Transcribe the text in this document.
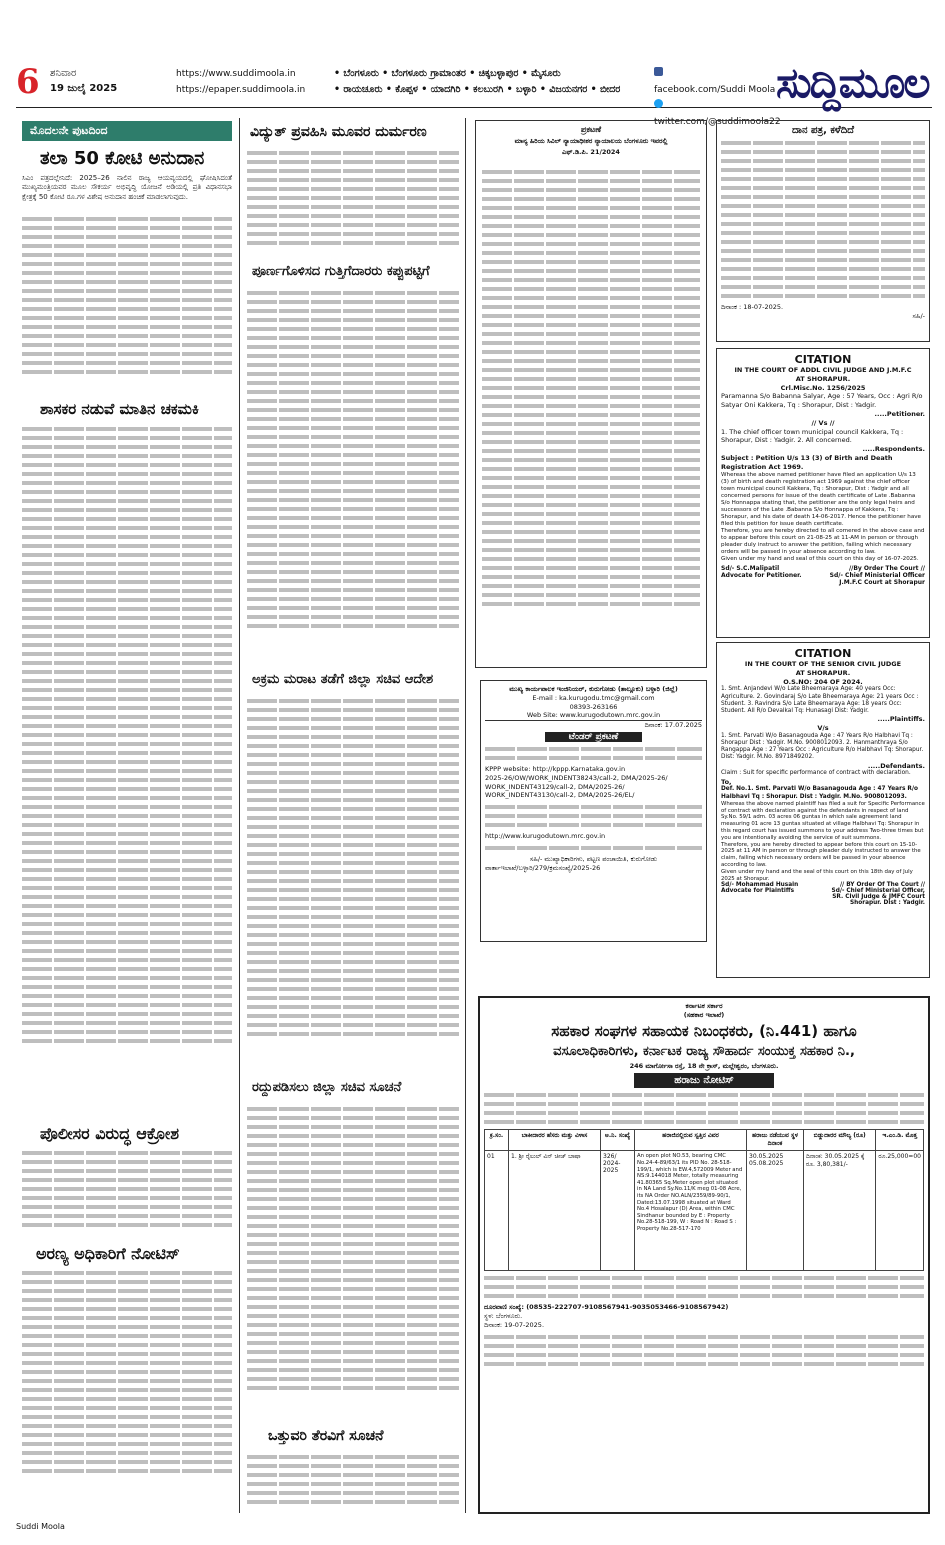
6 ಶನಿವಾರ
19 ಜುಲೈ 2025
https://www.suddimoola.in
https://epaper.suddimoola.in
• ಬೆಂಗಳೂರು • ಬೆಂಗಳೂರು ಗ್ರಾಮಾಂತರ • ಚಿಕ್ಕಬಳ್ಳಾಪುರ • ಮೈಸೂರು
• ರಾಯಚೂರು • ಕೊಪ್ಪಳ • ಯಾದಗಿರಿ • ಕಲಬುರಗಿ • ಬಳ್ಳಾರಿ • ವಿಜಯನಗರ • ಬೀದರ	facebook.com/Suddi Moola
twitter.com/@suddimoola22
ಸುದ್ದಿಮೂಲ
ಮೊದಲನೇ ಪುಟದಿಂದ
ತಲಾ 50 ಕೋಟಿ ಅನುದಾನ
ಸಿಎಂ ಪತ್ರದಲ್ಲೇನಿದೆ: 2025–26 ನಾಲಿನ ರಾಜ್ಯ ಆಯವ್ಯಯದಲ್ಲಿ ಘೋಷಿಸಿದಂತೆ ಮುಖ್ಯಮಂತ್ರಿಯವರ ಮೂಲ ಸೌಕರ್ಯ ಅಭಿವೃದ್ಧಿ ಯೋಜನೆ ಅಡಿಯಲ್ಲಿ ಪ್ರತಿ ವಿಧಾನಸಭಾ ಕ್ಷೇತ್ರಕ್ಕೆ 50 ಕೋಟಿ ರೂ.ಗಳ ವಿಶೇಷ ಅನುದಾನ ಹಂಚಿಕೆ ಮಾಡಲಾಗುವುದು.
ಶಾಸಕರ ನಡುವೆ ಮಾತಿನ ಚಕಮಕಿ
ಪೊಲೀಸರ ವಿರುದ್ಧ ಆಕ್ರೋಶ
ಅರಣ್ಯ ಅಧಿಕಾರಿಗೆ ನೋಟಿಸ್
ವಿದ್ಯುತ್ ಪ್ರವಹಿಸಿ ಮೂವರ ದುರ್ಮರಣ
ಪೂರ್ಣಗೊಳಿಸದ ಗುತ್ತಿಗೆದಾರರು ಕಪ್ಪುಪಟ್ಟಿಗೆ
ಅಕ್ರಮ ಮರಾಟ ತಡೆಗೆ ಜಿಲ್ಲಾ ಸಚಿವ ಆದೇಶ
ರದ್ದುಪಡಿಸಲು ಜಿಲ್ಲಾ ಸಚಿವ ಸೂಚನೆ
ಒತ್ತುವರಿ ತೆರವಿಗೆ ಸೂಚನೆ
ಪ್ರಕಟಣೆ
ಮಾನ್ಯ ಹಿರಿಯ ಸಿವಿಲ್ ನ್ಯಾಯಾಧೀಶರ ನ್ಯಾಯಾಲಯ ಬೆಂಗಳೂರು ಇವರಲ್ಲಿ
ಎಫ್.ಡಿ.ಪಿ. 21/2024
ಮುಖ್ಯ ಕಾರ್ಯಪಾಲಕ ಇಂಜಿನಿಯರ್, ಕುರುಗೋಡು (ತಾಲ್ಲೂಕು) ಬಳ್ಳಾರಿ (ಜಿಲ್ಲೆ)
E-mail : ka.kurugodu.tmc@gmail.com
08393-263166
Web Site: www.kurugodutown.mrc.gov.in
ದಿನಾಂಕ: 17.07.2025
ಟೆಂಡರ್ ಪ್ರಕಟಣೆ
KPPP website: http://kppp.Karnataka.gov.in
2025-26/OW/WORK_INDENT38243/call-2, DMA/2025-26/
WORK_INDENT43129/call-2, DMA/2025-26/
WORK_INDENT43130/call-2, DMA/2025-26/EL/
http://www.kurugodutown.mrc.gov.in
ಸಹಿ/- ಮುಖ್ಯಾಧಿಕಾರಿಗಳು, ಪಟ್ಟಣ ಪಂಚಾಯಿತಿ, ಕುರುಗೋಡು
ವಾರ್ತಾಇಲಾಖೆ/ಬಳ್ಳಾರಿ/279/ಕ್ರಮಸಂಖ್ಯೆ/2025-26
ದಾನ ಪತ್ರ, ಕಳೆದಿದೆ
ದಿನಾಂಕ : 18-07-2025.
ಸಹಿ/-
CITATION
IN THE COURT OF ADDL CIVIL JUDGE AND J.M.F.C
AT SHORAPUR.
Crl.Misc.No. 1256/2025
Paramanna S/o Babanna Salyar, Age : 57 Years, Occ : Agri R/o Satyar Oni Kakkera, Tq : Shorapur, Dist : Yadgir.
.....Petitioner.
// Vs //
1. The chief officer town municipal council Kakkera, Tq : Shorapur, Dist : Yadgir. 2. All concerned.
.....Respondents.
Subject : Petition U/s 13 (3) of Birth and Death Registration Act 1969.
Whereas the above named petitioner have filed an application U/s 13 (3) of birth and death registration act 1969 against the chief officer town municipal council Kakkera, Tq : Shorapur, Dist : Yadgir and all concerned persons for issue of the death certificate of Late .Babanna S/o Honnappa stating that, the petitioner are the only legal heirs and successors of the Late .Babanna S/o Honnappa of Kakkera, Tq : Shorapur, and his date of death 14-06-2017. Hence the petitioner have filed this petition for issue death certificate.
Therefore, you are hereby directed to all comered in the above case and to appear before this court on 21-08-25 at 11-AM in person or through pleader duly instruct to answer the petition, failing which necessary orders will be passed in your absence according to law.
Given under my hand and seal of this court on this day of 16-07-2025.
Sd/- S.C.Malipatil
Advocate for Petitioner.
//By Order The Court //
Sd/- Chief Ministerial Officer
J.M.F.C Court at Shorapur
CITATION
IN THE COURT OF THE SENIOR CIVIL JUDGE
AT SHORAPUR.
O.S.NO: 204 OF 2024.
1. Smt. Anjandevi W/o Late Bheemaraya Age: 40 years Occ: Agriculture. 2. Govindaraj S/o Late Bheemaraya Age: 21 years Occ : Student. 3. Ravindra S/o Late Bheemaraya Age: 18 years Occ: Student. All R/o Devalkal Tq: Hunasagi Dist: Yadgir.
.....Plaintiffs.
V/s
1. Smt. Parvati W/o Basanagouda Age : 47 Years R/o Halbhavi Tq : Shorapur Dist : Yadgir. M.No. 9008012093. 2. Hanmanthraya S/o Rangappa Age : 27 Years Occ : Agriculture R/o Halbhavi Tq: Shorapur. Dist: Yadgir. M.No. 8971849202.
.....Defendants.
Claim : Suit for specific performance of contract with declaration.
To,
Def. No.1. Smt. Parvati W/o Basanagouda Age : 47 Years R/o Halbhavi Tq : Shorapur. Dist : Yadgir. M.No. 9008012093.
Whereas the above named plaintiff has filed a suit for Specific Performance of contract with declaration against the defendants in respect of land Sy.No. 59/1 adm. 03 acres 06 guntas in which sale agreement land measuring 01 acre 13 guntas situated at village Halbhavi Tq: Shorapur in this regard court has issued summons to your address Two-three times but you are intentionally avoiding the service of suit summons.
Therefore, you are hereby directed to appear before this court on 15-10-2025 at 11 AM in person or through pleader duly instructed to answer the claim, failing which necessary orders will be passed in your absence according to law.
Given under my hand and the seal of this court on this 18th day of July 2025 at Shorapur.
Sd/- Mohammad Husain
Advocate for Plaintiffs
// BY Order Of The Court //
Sd/- Chief Ministerial Officer,
SR. Civil Judge & JMFC Court
Shorapur. Dist : Yadgir.
ಕರ್ನಾಟಕ ಸರ್ಕಾರ
(ಸಹಕಾರ ಇಲಾಖೆ)
ಸಹಕಾರ ಸಂಘಗಳ ಸಹಾಯಕ ನಿಬಂಧಕರು, (ನಿ.441) ಹಾಗೂ
ವಸೂಲಾಧಿಕಾರಿಗಳು, ಕರ್ನಾಟಕ ರಾಜ್ಯ ಸೌಹಾರ್ದ ಸಂಯುಕ್ತ ಸಹಕಾರ ನಿ.,
246 ಮಾರ್ಗೋಸಾ ರಸ್ತೆ, 18 ನೇ ಕ್ರಾಸ್, ಮಲ್ಲೇಶ್ವರಂ, ಬೆಂಗಳೂರು.
ಹರಾಜು ನೋಟಿಸ್
ಕ್ರ.ಸಂ.	ಬಾಕೀದಾರರ ಹೆಸರು ಮತ್ತು ವಿಳಾಸ	ಅ.ನಿ. ಸಂಖ್ಯೆ	ಹರಾಜಿನಲ್ಲಿರುವ ಸ್ವತ್ತಿನ ವಿವರ	ಹರಾಜು ನಡೆಯುವ ಸ್ಥಳ ದಿನಾಂಕ	ಬಿಡ್ಡುದಾರರ ಮೌಲ್ಯ (ರೂ)	ಇ.ಎಂ.ಡಿ. ಮೊತ್ತ
01	1. ಶ್ರೀ ರೈಲುಲ್ ವಿನ್ ಚೀಜ್ ಬಾಷಾ	326/ 2024-2025	An open plot NO.53, bearing CMC No.24-4-89/63/1 its PID No. 28-518-199/1, which is EW.4,572009 Meter and NS:9.144018 Meter, totally measuring 41.80365 Sq.Meter open plot situated in NA Land Sy.No.11/K meg 01-08 Acre, its NA Order NO.ALN/2359/89-90/1, Dated:13.07.1998 situated at Ward No.4 Hosalapur (D) Area, within CMC Sindhanur bounded by E : Property No.28-518-199, W : Road N : Road S : Property No.28-517-170	30.05.2025 05.08.2025	ದಿನಾಂಕ: 30.05.2025 ಕ್ಕೆ ರೂ. 3,80,381/-	ರೂ.25,000=00
ದೂರವಾಣಿ ಸಂಖ್ಯೆ: (08535-222707-9108567941-9035053466-9108567942)
ಸ್ಥಳ: ಬೆಂಗಳೂರು.
ದಿನಾಂಕ: 19-07-2025.
Suddi Moola
